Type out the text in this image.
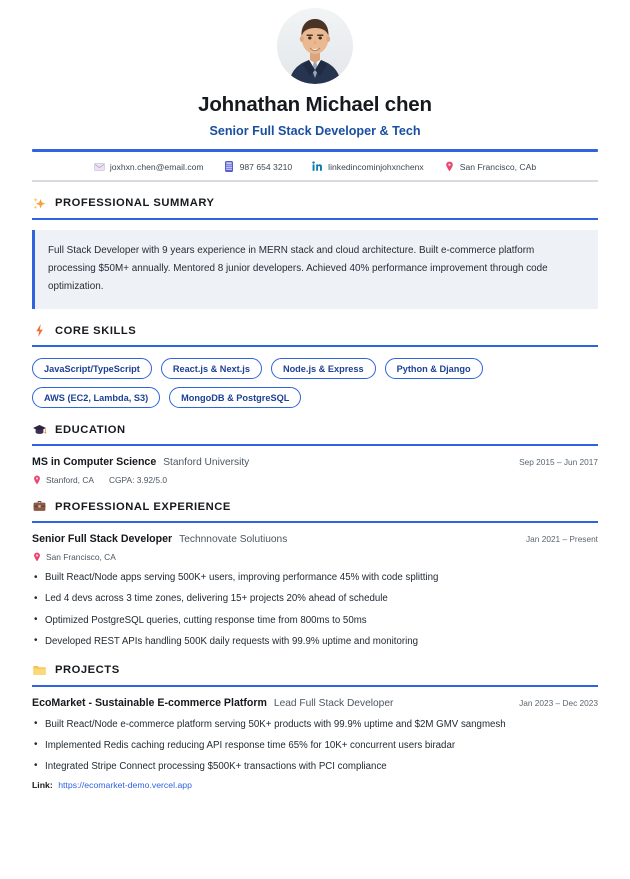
Johnathan Michael chen
Senior Full Stack Developer & Tech
joxhxn.chen@email.com	987 654 3210	linkedincominjohxnchenx	San Francisco, CAb
PROFESSIONAL SUMMARY
Full Stack Developer with 9 years experience in MERN stack and cloud architecture. Built e-commerce platform processing $50M+ annually. Mentored 8 junior developers. Achieved 40% performance improvement through code optimization.
CORE SKILLS
JavaScript/TypeScript	React.js & Next.js	Node.js & Express	Python & Django
AWS (EC2, Lambda, S3)	MongoDB & PostgreSQL
EDUCATION
MS in Computer Science Stanford University	Sep 2015 – Jun 2017
Stanford, CA CGPA: 3.92/5.0
PROFESSIONAL EXPERIENCE
Senior Full Stack Developer Technnovate Solutiuons	Jan 2021 – Present
San Francisco, CA
• Built React/Node apps serving 500K+ users, improving performance 45% with code splitting
• Led 4 devs across 3 time zones, delivering 15+ projects 20% ahead of schedule
• Optimized PostgreSQL queries, cutting response time from 800ms to 50ms
• Developed REST APIs handling 500K daily requests with 99.9% uptime and monitoring
PROJECTS
EcoMarket - Sustainable E-commerce Platform Lead Full Stack Developer	Jan 2023 – Dec 2023
• Built React/Node e-commerce platform serving 50K+ products with 99.9% uptime and $2M GMV sangmesh
• Implemented Redis caching reducing API response time 65% for 10K+ concurrent users biradar
• Integrated Stripe Connect processing $500K+ transactions with PCI compliance
Link: https://ecomarket-demo.vercel.app
